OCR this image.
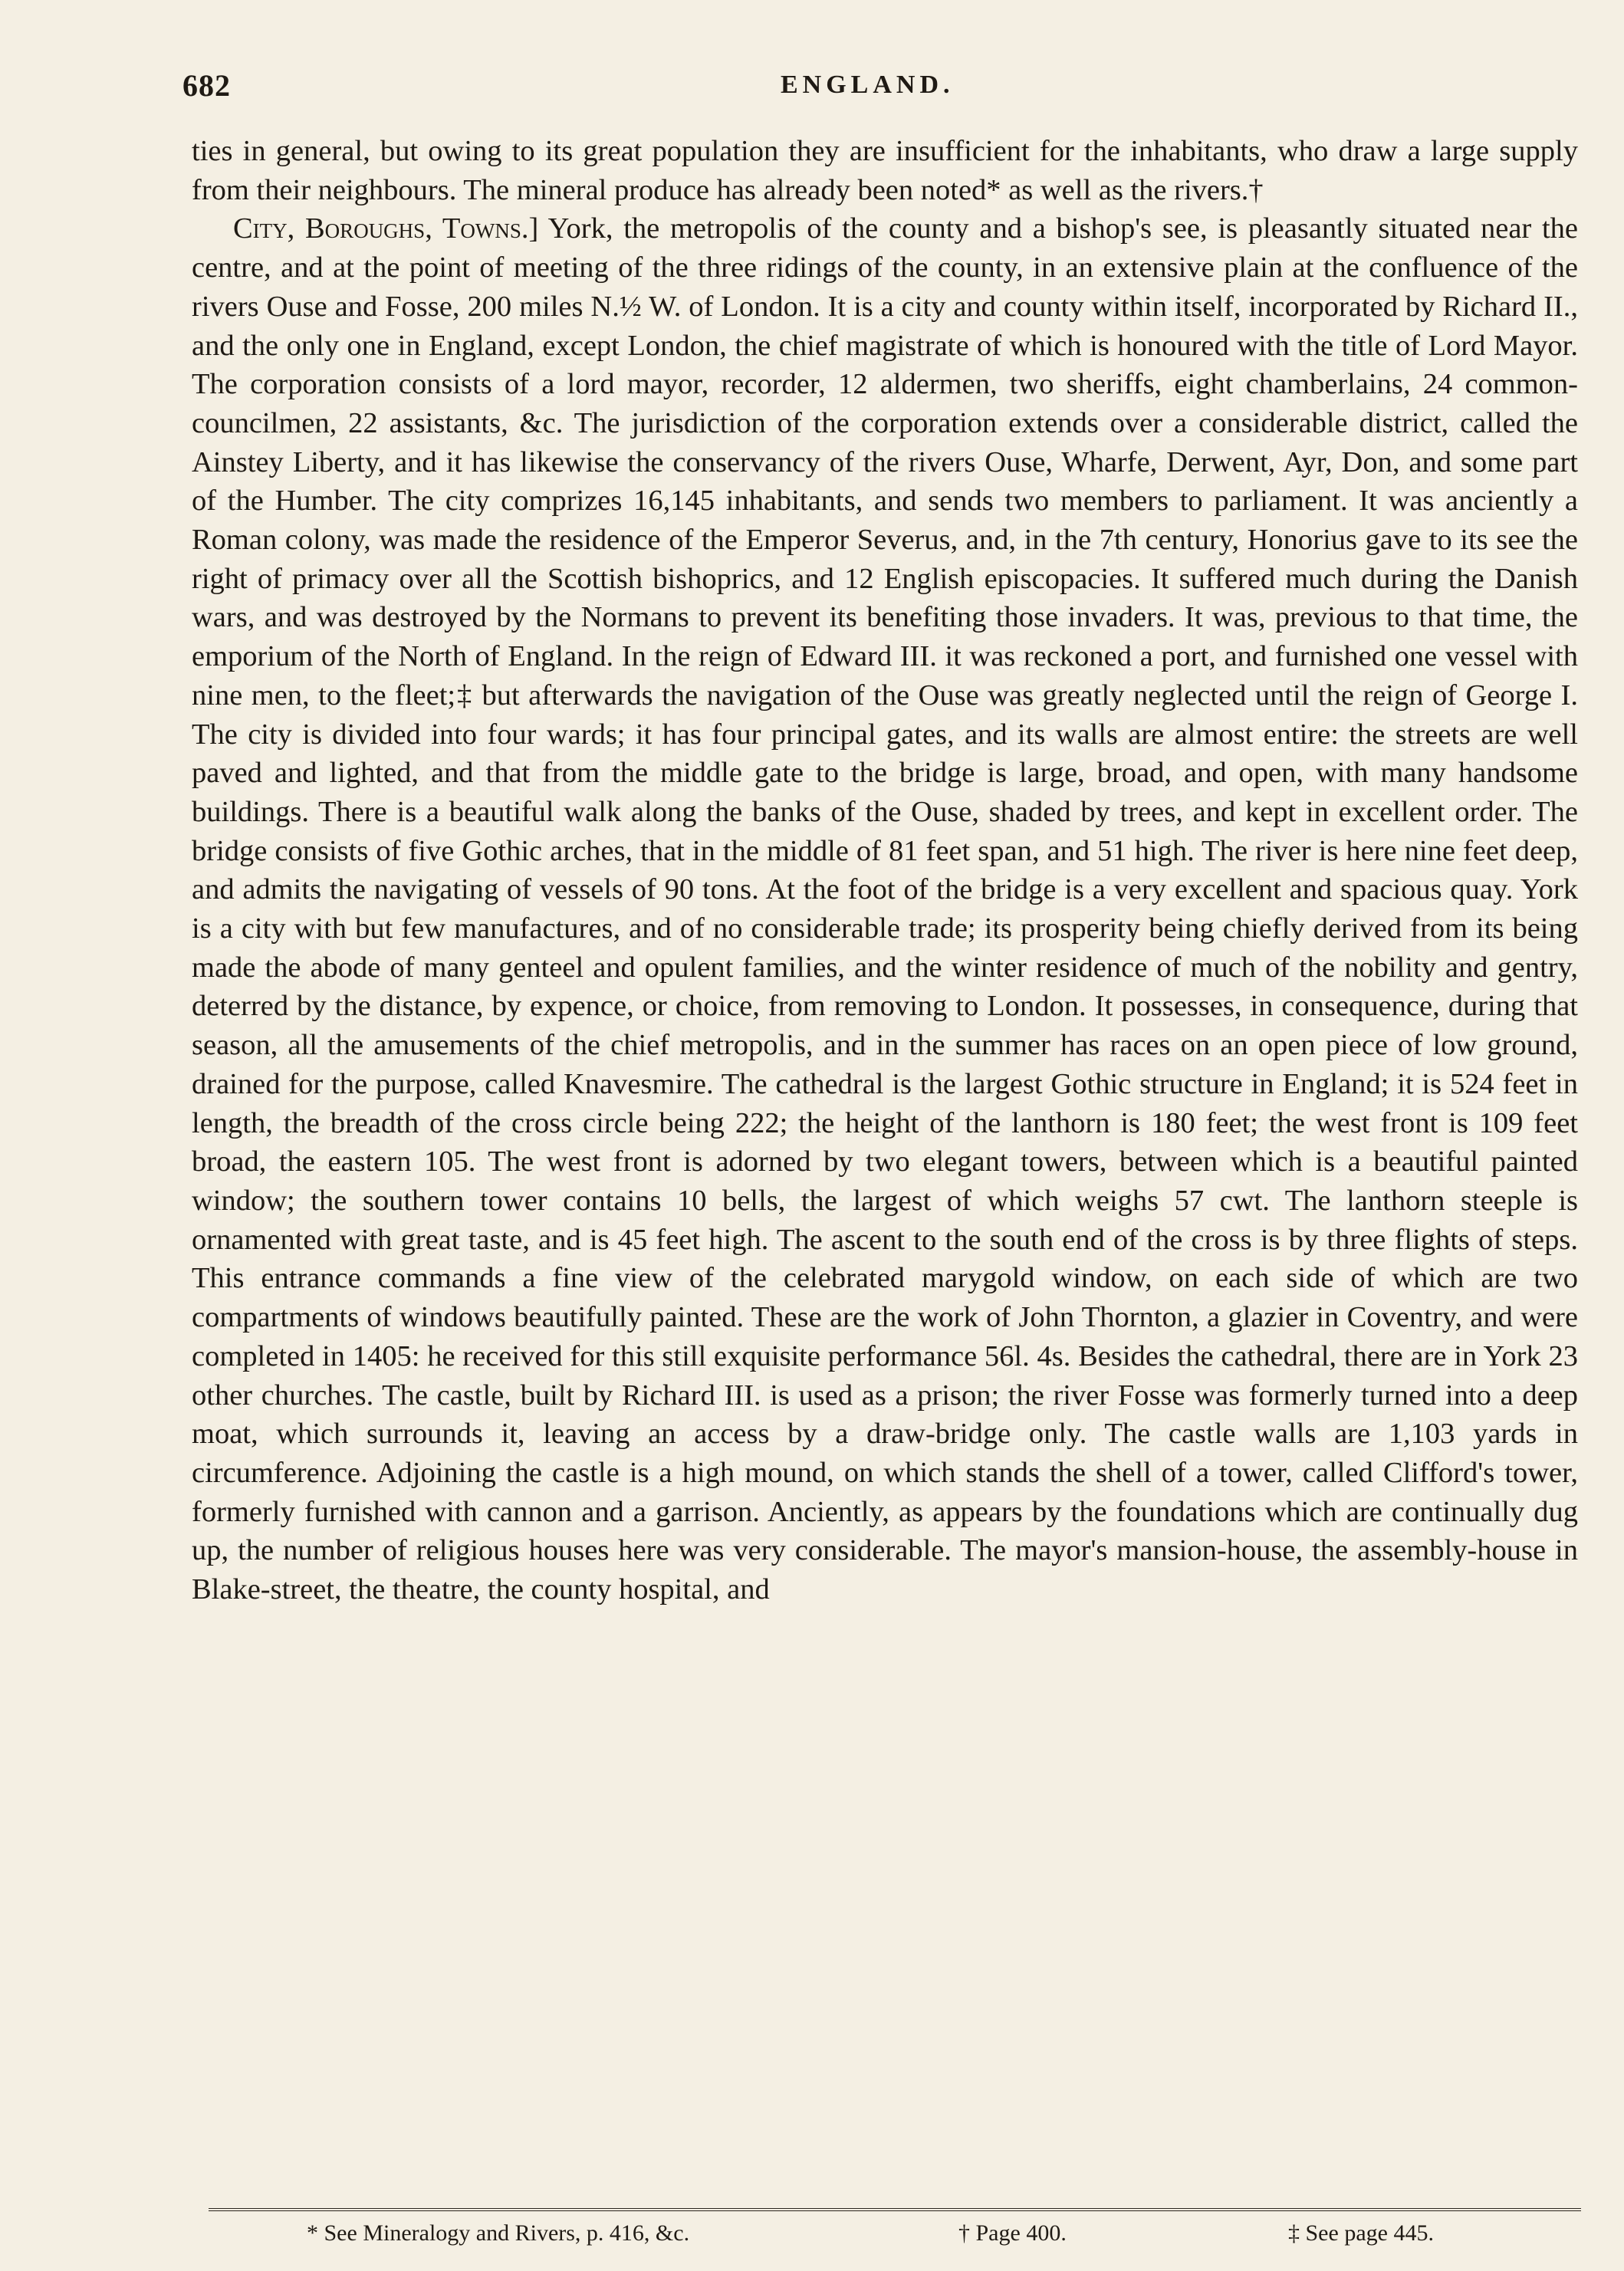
682	ENGLAND.

ties in general, but owing to its great population they are insufficient for the inhabitants, who draw a large supply from their neighbours. The mineral produce has already been noted* as well as the rivers.†

City, Boroughs, Towns.] York, the metropolis of the county and a bishop's see, is pleasantly situated near the centre, and at the point of meeting of the three ridings of the county, in an extensive plain at the confluence of the rivers Ouse and Fosse, 200 miles N.½ W. of London. It is a city and county within itself, incorporated by Richard II., and the only one in England, except London, the chief magistrate of which is honoured with the title of Lord Mayor. The corporation consists of a lord mayor, recorder, 12 aldermen, two sheriffs, eight chamberlains, 24 common-councilmen, 22 assistants, &c. The jurisdiction of the corporation extends over a considerable district, called the Ainstey Liberty, and it has likewise the conservancy of the rivers Ouse, Wharfe, Derwent, Ayr, Don, and some part of the Humber. The city comprizes 16,145 inhabitants, and sends two members to parliament. It was anciently a Roman colony, was made the residence of the Emperor Severus, and, in the 7th century, Honorius gave to its see the right of primacy over all the Scottish bishoprics, and 12 English episcopacies. It suffered much during the Danish wars, and was destroyed by the Normans to prevent its benefiting those invaders. It was, previous to that time, the emporium of the North of England. In the reign of Edward III. it was reckoned a port, and furnished one vessel with nine men, to the fleet;‡ but afterwards the navigation of the Ouse was greatly neglected until the reign of George I. The city is divided into four wards; it has four principal gates, and its walls are almost entire: the streets are well paved and lighted, and that from the middle gate to the bridge is large, broad, and open, with many handsome buildings. There is a beautiful walk along the banks of the Ouse, shaded by trees, and kept in excellent order. The bridge consists of five Gothic arches, that in the middle of 81 feet span, and 51 high. The river is here nine feet deep, and admits the navigating of vessels of 90 tons. At the foot of the bridge is a very excellent and spacious quay. York is a city with but few manufactures, and of no considerable trade; its prosperity being chiefly derived from its being made the abode of many genteel and opulent families, and the winter residence of much of the nobility and gentry, deterred by the distance, by expence, or choice, from removing to London. It possesses, in consequence, during that season, all the amusements of the chief metropolis, and in the summer has races on an open piece of low ground, drained for the purpose, called Knavesmire. The cathedral is the largest Gothic structure in England; it is 524 feet in length, the breadth of the cross circle being 222; the height of the lanthorn is 180 feet; the west front is 109 feet broad, the eastern 105. The west front is adorned by two elegant towers, between which is a beautiful painted window; the southern tower contains 10 bells, the largest of which weighs 57 cwt. The lanthorn steeple is ornamented with great taste, and is 45 feet high. The ascent to the south end of the cross is by three flights of steps. This entrance commands a fine view of the celebrated marygold window, on each side of which are two compartments of windows beautifully painted. These are the work of John Thornton, a glazier in Coventry, and were completed in 1405: he received for this still exquisite performance 56l. 4s. Besides the cathedral, there are in York 23 other churches. The castle, built by Richard III. is used as a prison; the river Fosse was formerly turned into a deep moat, which surrounds it, leaving an access by a draw-bridge only. The castle walls are 1,103 yards in circumference. Adjoining the castle is a high mound, on which stands the shell of a tower, called Clifford's tower, formerly furnished with cannon and a garrison. Anciently, as appears by the foundations which are continually dug up, the number of religious houses here was very considerable. The mayor's mansion-house, the assembly-house in Blake-street, the theatre, the county hospital, and

* See Mineralogy and Rivers, p. 416, &c.	† Page 400.	‡ See page 445.
